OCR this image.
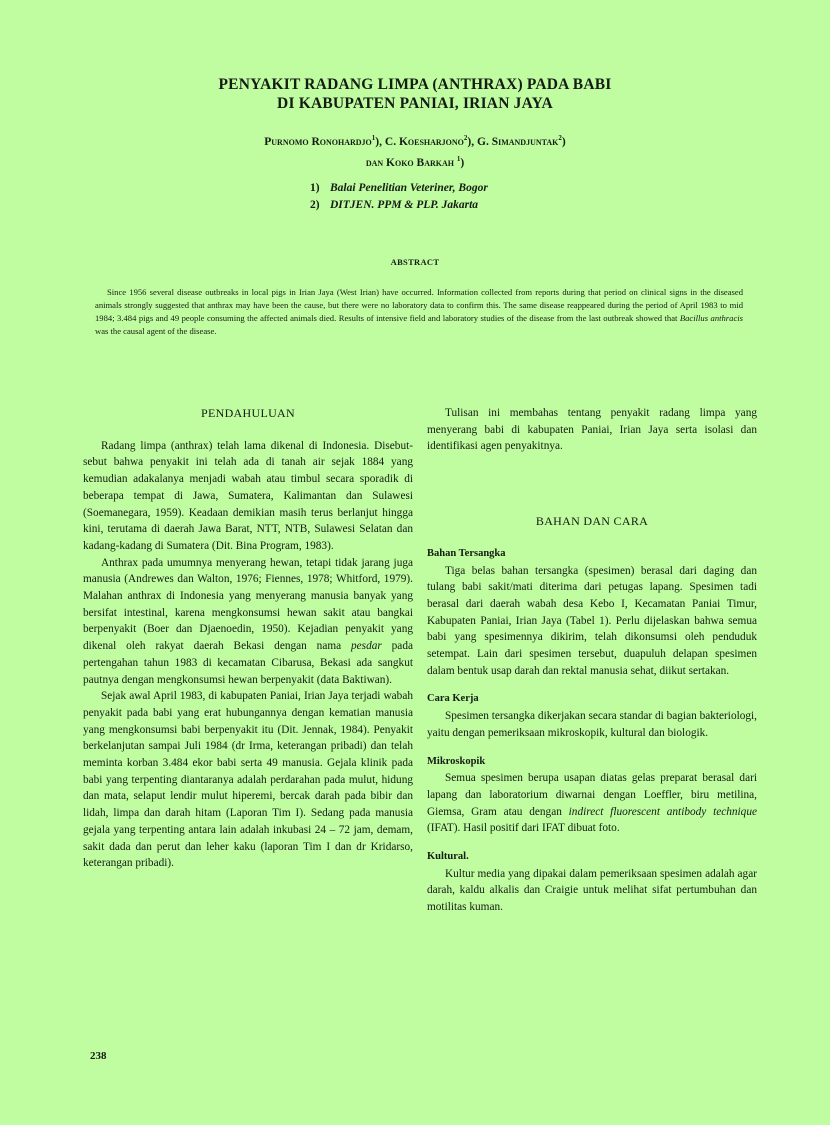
PENYAKIT RADANG LIMPA (ANTHRAX) PADA BABI
DI KABUPATEN PANIAI, IRIAN JAYA
Purnomo Ronohardjo$^1$), C. Koesharjono$^2$), G. Simandjuntak$^2$)
dan Koko Barkah $^1$)
1) Balai Penelitian Veteriner, Bogor
2) DITJEN. PPM & PLP. Jakarta
ABSTRACT

Since 1956 several disease outbreaks in local pigs in Irian Jaya (West Irian) have occurred. Information collected from reports during that period on clinical signs in the diseased animals strongly suggested that anthrax may have been the cause, but there were no laboratory data to confirm this. The same disease reappeared during the period of April 1983 to mid 1984; 3.484 pigs and 49 people consuming the affected animals died. Results of intensive field and laboratory studies of the disease from the last outbreak showed that Bacillus anthracis was the causal agent of the disease.

PENDAHULUAN

Radang limpa (anthrax) telah lama dikenal di Indonesia. Disebut-sebut bahwa penyakit ini telah ada di tanah air sejak 1884 yang kemudian adakalanya menjadi wabah atau timbul secara sporadik di beberapa tempat di Jawa, Sumatera, Kalimantan dan Sulawesi (Soemanegara, 1959). Keadaan demikian masih terus berlanjut hingga kini, terutama di daerah Jawa Barat, NTT, NTB, Sulawesi Selatan dan kadang-kadang di Sumatera (Dit. Bina Program, 1983).

Anthrax pada umumnya menyerang hewan, tetapi tidak jarang juga manusia (Andrewes dan Walton, 1976; Fiennes, 1978; Whitford, 1979). Malahan anthrax di Indonesia yang menyerang manusia banyak yang bersifat intestinal, karena mengkonsumsi hewan sakit atau bangkai berpenyakit (Boer dan Djaenoedin, 1950). Kejadian penyakit yang dikenal oleh rakyat daerah Bekasi dengan nama pesdar pada pertengahan tahun 1983 di kecamatan Cibarusa, Bekasi ada sangkut pautnya dengan mengkonsumsi hewan berpenyakit (data Baktiwan).

Sejak awal April 1983, di kabupaten Paniai, Irian Jaya terjadi wabah penyakit pada babi yang erat hubungannya dengan kematian manusia yang mengkonsumsi babi berpenyakit itu (Dit. Jennak, 1984). Penyakit berkelanjutan sampai Juli 1984 (dr Irma, keterangan pribadi) dan telah meminta korban 3.484 ekor babi serta 49 manusia. Gejala klinik pada babi yang terpenting diantaranya adalah perdarahan pada mulut, hidung dan mata, selaput lendir mulut hiperemi, bercak darah pada bibir dan lidah, limpa dan darah hitam (Laporan Tim I). Sedang pada manusia gejala yang terpenting antara lain adalah inkubasi 24 – 72 jam, demam, sakit dada dan perut dan leher kaku (laporan Tim I dan dr Kridarso, keterangan pribadi).

Tulisan ini membahas tentang penyakit radang limpa yang menyerang babi di kabupaten Paniai, Irian Jaya serta isolasi dan identifikasi agen penyakitnya.

BAHAN DAN CARA

Bahan Tersangka

Tiga belas bahan tersangka (spesimen) berasal dari daging dan tulang babi sakit/mati diterima dari petugas lapang. Spesimen tadi berasal dari daerah wabah desa Kebo I, Kecamatan Paniai Timur, Kabupaten Paniai, Irian Jaya (Tabel 1). Perlu dijelaskan bahwa semua babi yang spesimennya dikirim, telah dikonsumsi oleh penduduk setempat. Lain dari spesimen tersebut, duapuluh delapan spesimen dalam bentuk usap darah dan rektal manusia sehat, diikut sertakan.

Cara Kerja

Spesimen tersangka dikerjakan secara standar di bagian bakteriologi, yaitu dengan pemeriksaan mikroskopik, kultural dan biologik.

Mikroskopik

Semua spesimen berupa usapan diatas gelas preparat berasal dari lapang dan laboratorium diwarnai dengan Loeffler, biru metilina, Giemsa, Gram atau dengan indirect fluorescent antibody technique (IFAT). Hasil positif dari IFAT dibuat foto.

Kultural.

Kultur media yang dipakai dalam pemeriksaan spesimen adalah agar darah, kaldu alkalis dan Craigie untuk melihat sifat pertumbuhan dan motilitas kuman.

238
